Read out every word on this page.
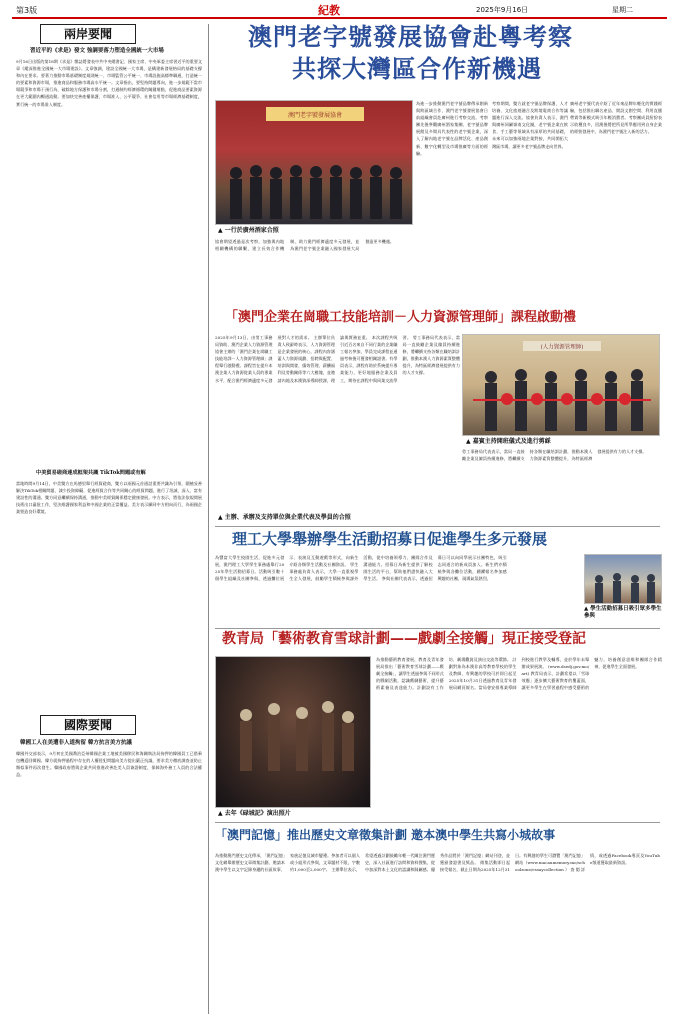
第3版	紀教	2025年9月16日	星期二
兩岸要聞
習近平的《求是》發文 強調要落力塑造全國統一大市場
9月16日出版的第18期《求是》雜誌將發表中共中央總書記、國家主席、中央軍委主席習近平的重要文章《縱深推進全國統一大市場建設》。文章強調，建設全國統一大市場，是構建新發展格局的基礎支撐和內在要求。要著力推動市場基礎制度規則統一、市場監管公平統一、市場設施高標準聯通，打造統一的要素和資源市場，推進商品和服務市場高水平統一。文章指出，要堅持問題導向，進一步規範不當市場競爭和市場干預行為，破除地方保護和市場分割，打通制約經濟循環的關鍵堵點，促進商品要素資源在更大範圍內暢通流動。要加快完善產權保護、市場准入、公平競爭、社會信用等市場經濟基礎制度，實行統一的市場准入制度。
中美貿易磋商達成框架共識 TikTok問題或有解
當地時間9月14日，中美雙方在馬德里舉行經貿磋商，雙方以兩國元首通話重要共識為引領，圍繞妥善解決TikTok相關問題、減少投資障礙、促進經貿合作等共同關心的經貿問題，進行了坦誠、深入、富有建設性的溝通。雙方同意繼續保持溝通，推動中美經貿關係穩定健康發展。中方表示，將依法依規開展技術出口審批工作，堅決維護國家利益和中國企業的正當權益。美方表示願同中方相向而行，為兩國企業營造良好環境。
國際要聞
韓國工人在美遭非人道拘留 韓方抗言美方抗議
韓國外交部表示，9月初在美國喬治亞州韓國企業工地被美國移民和海關執法局拘押的韓國員工已搭乘包機返回韓國。韓方就拘押過程中存在的人權侵犯問題向美方提出嚴正抗議，要求美方徹底調查並防止類似事件再次發生。韓國政府將與企業共同推進改善赴美人員簽證制度，保障海外務工人員的合法權益。
澳門老字號發展協會赴粵考察
共探大灣區合作新機遇
澳門老字號發展協會
▲ 一行於廣州酒家合照
為進一步推動澳門老字號品牌傳承創新與跨區域合作，澳門老字號發展協會日前組織會員赴廣州進行考察交流。考察團先後參觀廣州酒家集團、老字號品牌展館及多間具代表性的老字號企業，深入了解內地老字號在品牌活化、產品創新、數字化轉型及市場推廣等方面的經驗。
考察期間，雙方就老字號品牌保護、人才培養、文化旅遊融合及跨境電商合作等議題進行深入交流。協會負責人表示，澳門與廣州同屬嶺南文化圈，老字號企業在飲食、手工藝等領域具有深厚的共同基礎，未來可以加強兩地企業對接，共同開拓大灣區市場，讓更多老字號品牌走向世界。
廣州老字號代表介紹了近年來品牌年輕化的實踐經驗，包括推出聯名產品、開設文創空間、利用直播帶貨等新模式吸引年輕消費者。考察團成員紛紛表示收穫良多，回澳後將把所見所學應用到自身企業的經營發展中，為澳門老字號注入新的活力。
協會期望透過是次考察，加強與內地相關機構的聯繫，建立長效合作機制，助力澳門經濟適度多元發展，並為澳門老字號企業融入國家發展大局創造更多機遇。
「澳門企業在崗職工技能培訓－人力資源管理師」課程啟動禮
2025年9月13日，由勞工事務局資助、澳門企業人力資源管理協會主辦的「澳門企業在崗職工技能培訓－人力資源管理師」課程舉行啟動禮。課程旨在提升本澳企業人力資源從業人員的專業水平，配合澳門經濟適度多元發展對人才的需求。 主辦單位負責人致辭時表示，人力資源管理是企業發展的核心，課程內容涵蓋人力資源規劃、招聘與配置、培訓與開發、績效管理、薪酬福利及勞動關係等六大模塊，並邀請內地及本澳資深導師授課，理論與實務並重。 本次課程共吸引近百名來自不同行業的企業職工報名參加，學員完成課程並通過考核後可獲發相關證書。有學員表示，課程有助於系統提升專業能力，更好地服務企業及員工，期待在課程中與同業交流學習。 勞工事務局代表表示，當局一直鼓勵企業及僱員持續進修，將繼續支持各類在職培訓計劃，推動本澳人力資源素質整體提升，為特區經濟發展提供有力的人才支撐。
(人力資源管理師)
▲ 嘉賓主持開班儀式及進行剪綵
勞工事務局代表表示，當局一直鼓勵企業及僱員持續進修，將繼續支持各類在職培訓計劃，推動本澳人力資源素質整體提升，為特區經濟發展提供有力的人才支撐。
▲ 主辦、承辦及支持單位與企業代表及學員的合照
理工大學舉辦學生活動招募日促進學生多元發展
為豐富大學生校園生活，促進多元發展，澳門理工大學學生事務處舉行2025年學生活動招募日。活動吸引數十個學生組織及社團參與，透過攤位展示、表演及互動遊戲等形式，向新生介紹各類學生活動及社團資訊。 學生事務處負責人表示，大學一直重視學生全人發展，鼓勵學生積極參與課外活動，從中培養領導力、團隊合作及溝通能力。招募日為新生提供了解校園生活的平台，幫助他們盡快融入大學生活。 參與社團代表表示，透過招募日可以向同學展示社團特色，吸引志同道合的新成員加入。新生們亦積極參與各攤位活動，踴躍報名參加感興趣的社團，現場氣氛熱烈。
▲ 學生活動招募日吸引眾多學生參與
教青局「藝術教育雪球計劃——戲劇全接觸」現正接受登記
▲ 去年《碌城記》演出照片
為推動藝術教育發展，教育及青年發展局推出「藝術教育雪球計劃——戲劇全接觸」，讓學生透過參與不同形式的戲劇活動，認識戲劇藝術，提升藝術素養及表達能力。計劃設有工作坊、劇場觀賞及演出交流等環節。 計劃對象為本澳非高等教育學校的學生及教師，有興趣的學校可於即日起至2025年10月31日透過教育及青年發展局網頁報名。當局會安排專業導師到校進行教學及輔導，並於學年末舉辦成果展演。 (www.dsedj.gov.mo/art) 教青局表示，計劃希望以「雪球效應」逐步擴大藝術教育的覆蓋面，讓更多學生在學習過程中感受藝術的魅力，培養創意思維和團隊合作精神，促進學生全面發展。
「澳門記憶」推出歷史文章徵集計劃 邀本澳中學生共寫小城故事
為推動澳門歷史文化傳承，「澳門記憶」文化網舉辦歷史文章徵集計劃，邀請本澳中學生以文字記錄身邊的社區故事、家族記憶及城市變遷。參加者可以個人或小組形式參與，文章題材不限，字數約1,000至2,000字。 主辦單位表示，希望透過計劃鼓勵年輕一代關注澳門歷史，深入社區進行訪問和資料搜集，從中加深對本土文化的認識和歸屬感。優秀作品將於「澳門記憶」網站刊登，並獲頒發證書及獎品。 徵集活動即日起接受報名，截止日期為2025年12月31日。有興趣的學生可瀏覽「澳門記憶」網站（www.macaumemory.mo/schoolzone/essaycollection）查閱詳情，或透過Facebook專頁及YouTube頻道獲取最新資訊。
